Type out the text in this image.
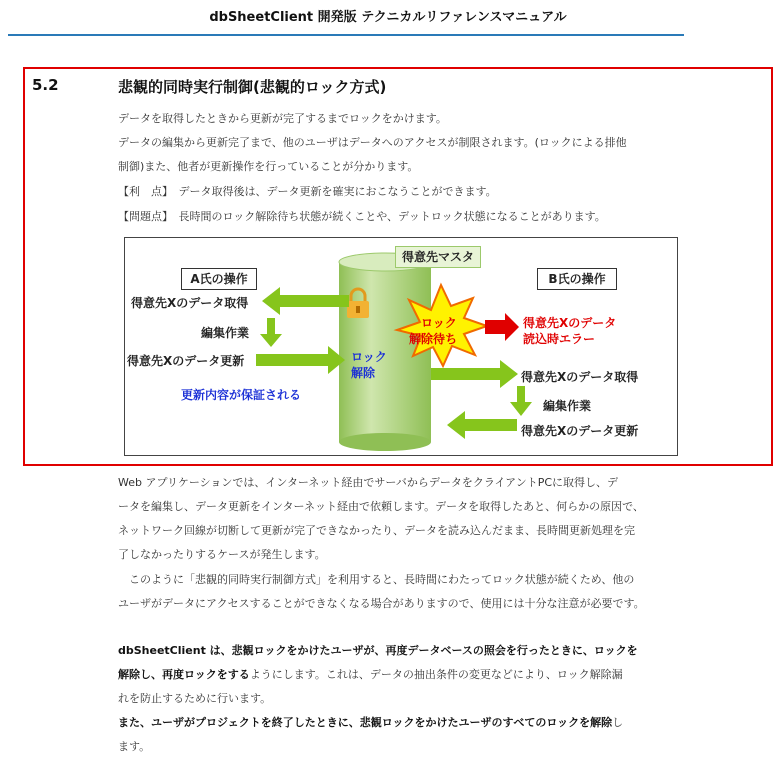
dbSheetClient 開発版 テクニカルリファレンスマニュアル
5.2	悲観的同時実行制御(悲観的ロック方式)
データを取得したときから更新が完了するまでロックをかけます。
データの編集から更新完了まで、他のユーザはデータへのアクセスが制限されます。(ロックによる排他
制御)また、他者が更新操作を行っていることが分かります。
【利　点】　データ取得後は、データ更新を確実におこなうことができます。
【問題点】　長時間のロック解除待ち状態が続くことや、デットロック状態になることがあります。
A氏の操作
得意先Xのデータ取得
編集作業
得意先Xのデータ更新
更新内容が保証される
得意先マスタ
ロック
解除
ロック
解除待ち
得意先Xのデータ
読込時エラー
B氏の操作
得意先Xのデータ取得
編集作業
得意先Xのデータ更新
Web アプリケーションでは、インターネット経由でサーバからデータをクライアントPCに取得し、デ
ータを編集し、データ更新をインターネット経由で依頼します。データを取得したあと、何らかの原因で、
ネットワーク回線が切断して更新が完了できなかったり、データを読み込んだまま、長時間更新処理を完
了しなかったりするケースが発生します。
　このように「悲観的同時実行制御方式」を利用すると、長時間にわたってロック状態が続くため、他の
ユーザがデータにアクセスすることができなくなる場合がありますので、使用には十分な注意が必要です。
dbSheetClient は、悲観ロックをかけたユーザが、再度データベースの照会を行ったときに、ロックを
解除し、再度ロックをするようにします。これは、データの抽出条件の変更などにより、ロック解除漏
れを防止するために行います。
また、ユーザがプロジェクトを終了したときに、悲観ロックをかけたユーザのすべてのロックを解除し
ます。
